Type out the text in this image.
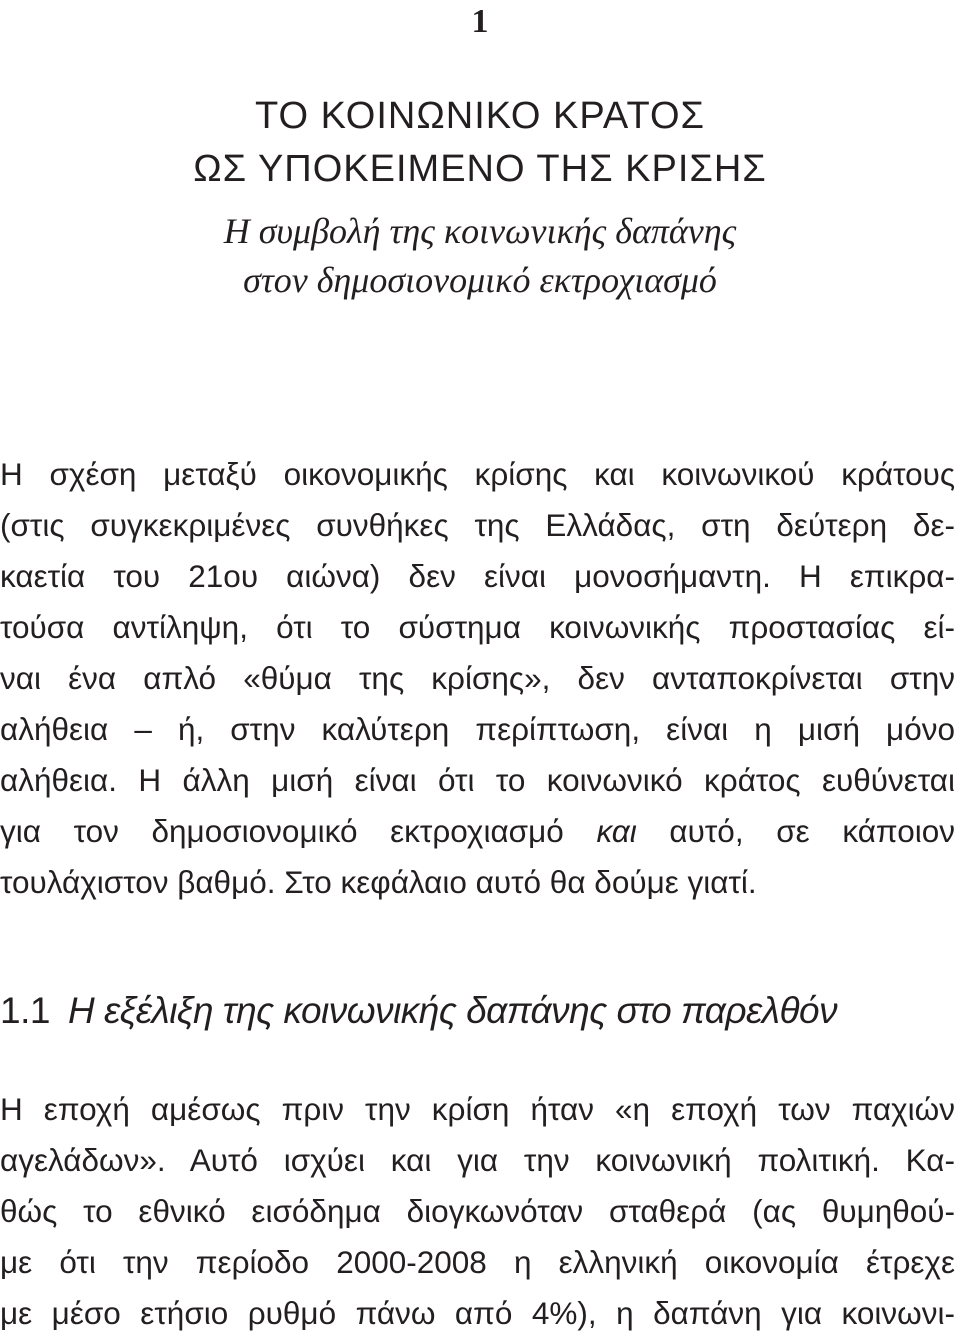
1
ΤΟ ΚΟΙΝΩΝΙΚΟ ΚΡΑΤΟΣ
ΩΣ ΥΠΟΚΕΙΜΕΝΟ ΤΗΣ ΚΡΙΣΗΣ
Η συμβολή της κοινωνικής δαπάνης
στον δημοσιονομικό εκτροχιασμό
Η σχέση μεταξύ οικονομικής κρίσης και κοινωνικού κράτους
(στις συγκεκριμένες συνθήκες της Ελλάδας, στη δεύτερη δε-
καετία του 21ου αιώνα) δεν είναι μονοσήμαντη. Η επικρα-
τούσα αντίληψη, ότι το σύστημα κοινωνικής προστασίας εί-
ναι ένα απλό «θύμα της κρίσης», δεν ανταποκρίνεται στην
αλήθεια – ή, στην καλύτερη περίπτωση, είναι η μισή μόνο
αλήθεια. Η άλλη μισή είναι ότι το κοινωνικό κράτος ευθύνεται
για τον δημοσιονομικό εκτροχιασμό και αυτό, σε κάποιον
τουλάχιστον βαθμό. Στο κεφάλαιο αυτό θα δούμε γιατί.
1.1 Η εξέλιξη της κοινωνικής δαπάνης στο παρελθόν
Η εποχή αμέσως πριν την κρίση ήταν «η εποχή των παχιών
αγελάδων». Αυτό ισχύει και για την κοινωνική πολιτική. Κα-
θώς το εθνικό εισόδημα διογκωνόταν σταθερά (ας θυμηθού-
με ότι την περίοδο 2000-2008 η ελληνική οικονομία έτρεχε
με μέσο ετήσιο ρυθμό πάνω από 4%), η δαπάνη για κοινωνι-
